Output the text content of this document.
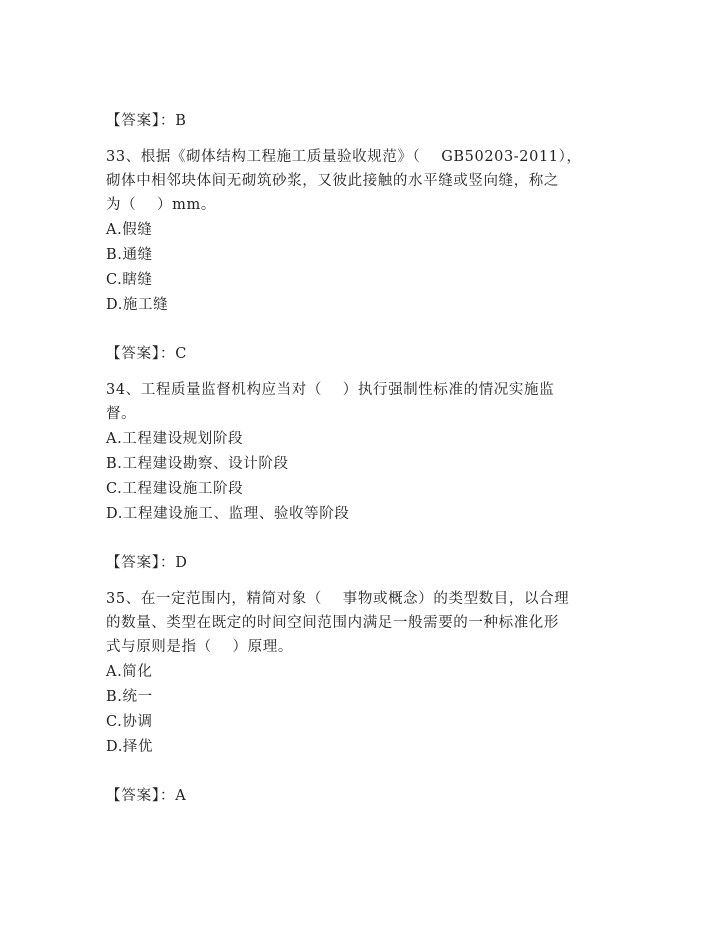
【答案】：B
33、根据《砌体结构工程施工质量验收规范》（    GB50203-2011），
砌体中相邻块体间无砌筑砂浆，又彼此接触的水平缝或竖向缝，称之
为（    ）mm。
A.假缝
B.通缝
C.瞎缝
D.施工缝
【答案】：C
34、工程质量监督机构应当对（    ）执行强制性标准的情况实施监
督。
A.工程建设规划阶段
B.工程建设勘察、设计阶段
C.工程建设施工阶段
D.工程建设施工、监理、验收等阶段
【答案】：D
35、在一定范围内，精简对象（    事物或概念）的类型数目，以合理
的数量、类型在既定的时间空间范围内满足一般需要的一种标准化形
式与原则是指（    ）原理。
A.简化
B.统一
C.协调
D.择优
【答案】：A
